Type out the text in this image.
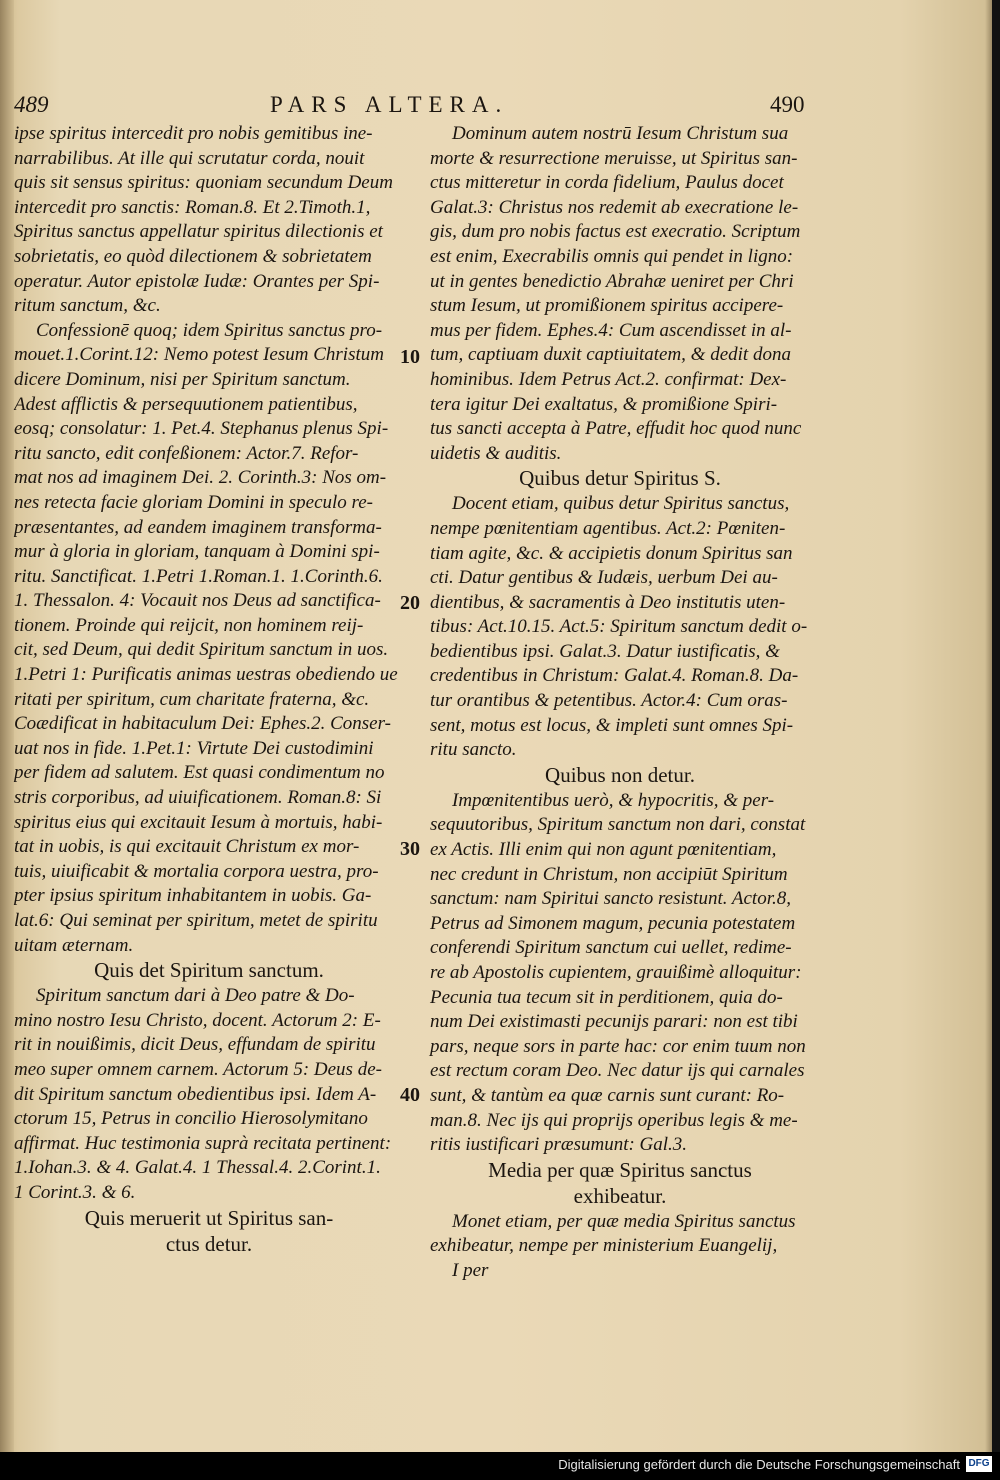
489	PARS ALTERA.	490
ipse spiritus intercedit pro nobis gemitibus ine-
narrabilibus. At ille qui scrutatur corda, nouit
quis sit sensus spiritus: quoniam secundum Deum
intercedit pro sanctis: Roman.8. Et 2.Timoth.1,
Spiritus sanctus appellatur spiritus dilectionis et
sobrietatis, eo quòd dilectionem & sobrietatem
operatur. Autor epistolæ Iudæ: Orantes per Spi-
ritum sanctum, &c.
Confessionē quoq; idem Spiritus sanctus pro-
mouet.1.Corint.12: Nemo potest Iesum Christum
dicere Dominum, nisi per Spiritum sanctum.
Adest afflictis & persequutionem patientibus,
eosq; consolatur: 1. Pet.4. Stephanus plenus Spi-
ritu sancto, edit confeßionem: Actor.7. Refor-
mat nos ad imaginem Dei. 2. Corinth.3: Nos om-
nes retecta facie gloriam Domini in speculo re-
præsentantes, ad eandem imaginem transforma-
mur à gloria in gloriam, tanquam à Domini spi-
ritu. Sanctificat. 1.Petri 1.Roman.1. 1.Corinth.6.
1. Thessalon. 4: Vocauit nos Deus ad sanctifica-
tionem. Proinde qui reijcit, non hominem reij-
cit, sed Deum, qui dedit Spiritum sanctum in uos.
1.Petri 1: Purificatis animas uestras obediendo ue
ritati per spiritum, cum charitate fraterna, &c.
Coædificat in habitaculum Dei: Ephes.2. Conser-
uat nos in fide. 1.Pet.1: Virtute Dei custodimini
per fidem ad salutem. Est quasi condimentum no
stris corporibus, ad uiuificationem. Roman.8: Si
spiritus eius qui excitauit Iesum à mortuis, habi-
tat in uobis, is qui excitauit Christum ex mor-
tuis, uiuificabit & mortalia corpora uestra, pro-
pter ipsius spiritum inhabitantem in uobis. Ga-
lat.6: Qui seminat per spiritum, metet de spiritu
uitam æternam.
Quis det Spiritum sanctum.
Spiritum sanctum dari à Deo patre & Do-
mino nostro Iesu Christo, docent. Actorum 2: E-
rit in nouißimis, dicit Deus, effundam de spiritu
meo super omnem carnem. Actorum 5: Deus de-
dit Spiritum sanctum obedientibus ipsi. Idem A-
ctorum 15, Petrus in concilio Hierosolymitano
affirmat. Huc testimonia suprà recitata pertinent:
1.Iohan.3. & 4. Galat.4. 1 Thessal.4. 2.Corint.1.
1 Corint.3. & 6.
Quis meruerit ut Spiritus san-
ctus detur.
Dominum autem nostrū Iesum Christum sua
morte & resurrectione meruisse, ut Spiritus san-
ctus mitteretur in corda fidelium, Paulus docet
Galat.3: Christus nos redemit ab execratione le-
gis, dum pro nobis factus est execratio. Scriptum
est enim, Execrabilis omnis qui pendet in ligno:
ut in gentes benedictio Abrahæ ueniret per Chri
stum Iesum, ut promißionem spiritus accipere-
mus per fidem. Ephes.4: Cum ascendisset in al-
tum, captiuam duxit captiuitatem, & dedit dona
hominibus. Idem Petrus Act.2. confirmat: Dex-
tera igitur Dei exaltatus, & promißione Spiri-
tus sancti accepta à Patre, effudit hoc quod nunc
uidetis & auditis.
Quibus detur Spiritus S.
Docent etiam, quibus detur Spiritus sanctus,
nempe pœnitentiam agentibus. Act.2: Pœniten-
tiam agite, &c. & accipietis donum Spiritus san
cti. Datur gentibus & Iudæis, uerbum Dei au-
dientibus, & sacramentis à Deo institutis uten-
tibus: Act.10.15. Act.5: Spiritum sanctum dedit o-
bedientibus ipsi. Galat.3. Datur iustificatis, &
credentibus in Christum: Galat.4. Roman.8. Da-
tur orantibus & petentibus. Actor.4: Cum oras-
sent, motus est locus, & impleti sunt omnes Spi-
ritu sancto.
Quibus non detur.
Impœnitentibus uerò, & hypocritis, & per-
sequutoribus, Spiritum sanctum non dari, constat
ex Actis. Illi enim qui non agunt pœnitentiam,
nec credunt in Christum, non accipiūt Spiritum
sanctum: nam Spiritui sancto resistunt. Actor.8,
Petrus ad Simonem magum, pecunia potestatem
conferendi Spiritum sanctum cui uellet, redime-
re ab Apostolis cupientem, grauißimè alloquitur:
Pecunia tua tecum sit in perditionem, quia do-
num Dei existimasti pecunijs parari: non est tibi
pars, neque sors in parte hac: cor enim tuum non
est rectum coram Deo. Nec datur ijs qui carnales
sunt, & tantùm ea quæ carnis sunt curant: Ro-
man.8. Nec ijs qui proprijs operibus legis & me-
ritis iustificari præsumunt: Gal.3.
Media per quæ Spiritus sanctus
exhibeatur.
Monet etiam, per quæ media Spiritus sanctus
exhibeatur, nempe per ministerium Euangelij,
I per
10
20
30
40
Digitalisierung gefördert durch die Deutsche Forschungsgemeinschaft DFG
